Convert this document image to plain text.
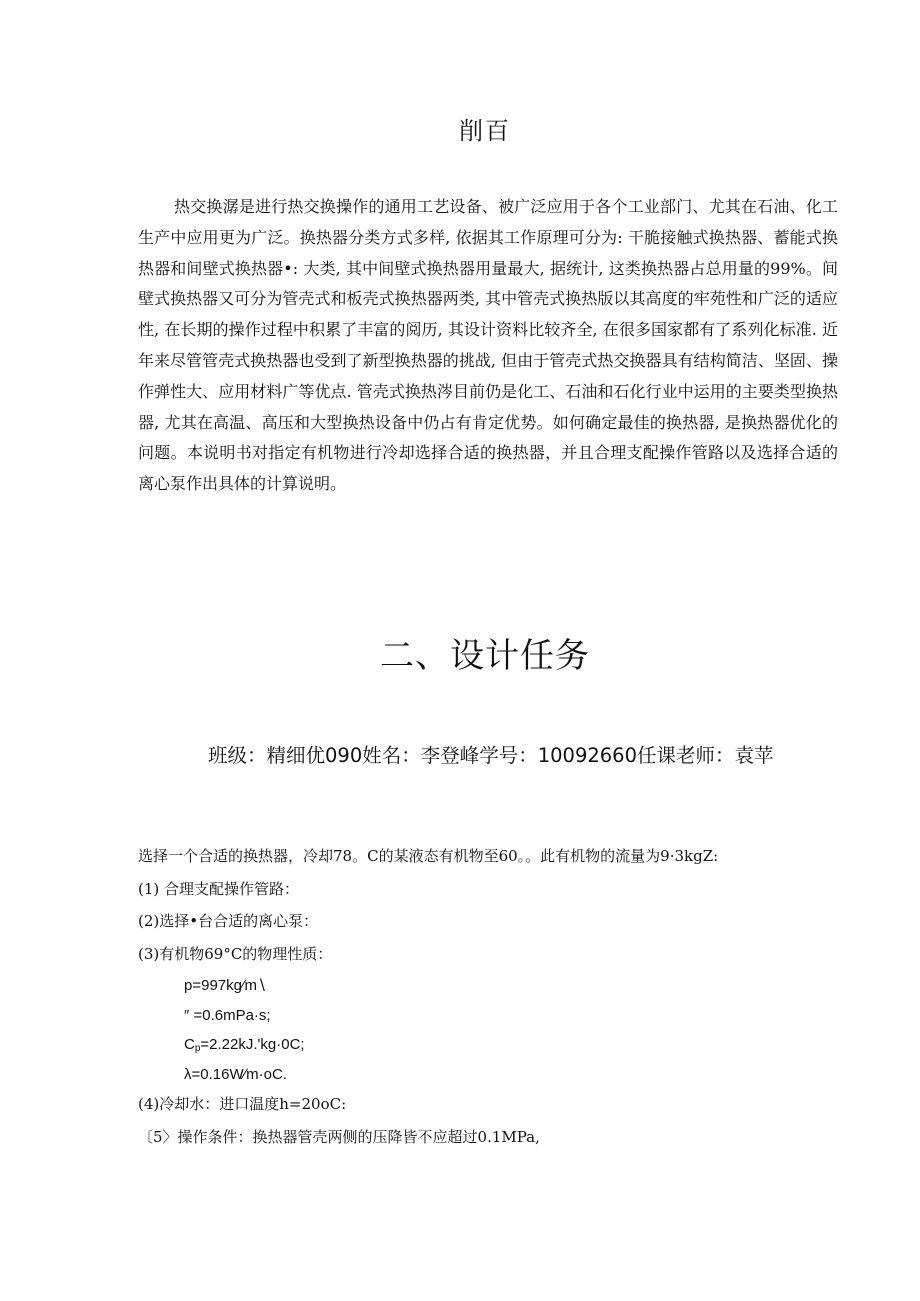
削百

热交换潺是进行热交换操作的通用工艺设备、被广泛应用于各个工业部门、尤其在石油、化工生产中应用更为广泛。换热器分类方式多样, 依据其工作原理可分为: 干脆接触式换热器、蓄能式换热器和间壁式换热器•: 大类, 其中间壁式换热器用量最大, 据统计, 这类换热器占总用量的99%。间壁式换热器又可分为管壳式和板壳式换热器两类, 其中管壳式换热版以其高度的牢苑性和广泛的适应性, 在长期的操作过程中积累了丰富的阅历, 其设计资料比较齐全, 在很多国家都有了系列化标准. 近年来尽管管壳式换热器也受到了新型换热器的挑战, 但由于管壳式热交换器具有结构简洁、坚固、操作弹性大、应用材料广等优点. 管壳式换热涔目前仍是化工、石油和石化行业中运用的主要类型换热器, 尤其在高温、高压和大型换热设备中仍占有肯定优势。如何确定最佳的换热器, 是换热器优化的问题。本说明书对指定有机物进行冷却选择合适的换热器，并且合理支配操作管路以及选择合适的离心泵作出具体的计算说明。

二、设计任务
班级：精细优090姓名：李登峰学号：10092660任课老师：袁苹
选择一个合适的换热器，冷却78。C的某液态有机物至60。。此有机物的流量为9·3kgZ:
(1) 合理支配操作管路：
(2)选择•台合适的离心泵：
(3)有机物69°C的物理性质：
p=997kg∕m∖
″ =0.6mPa·s;
$C_p=2.22kJ.'kg\cdot 0C$;
λ=0.16W∕m·oC.
(4)冷却水：进口温度h=20oC:
〔5〉操作条件：换热器管壳两侧的压降皆不应超过0.1MPa,
